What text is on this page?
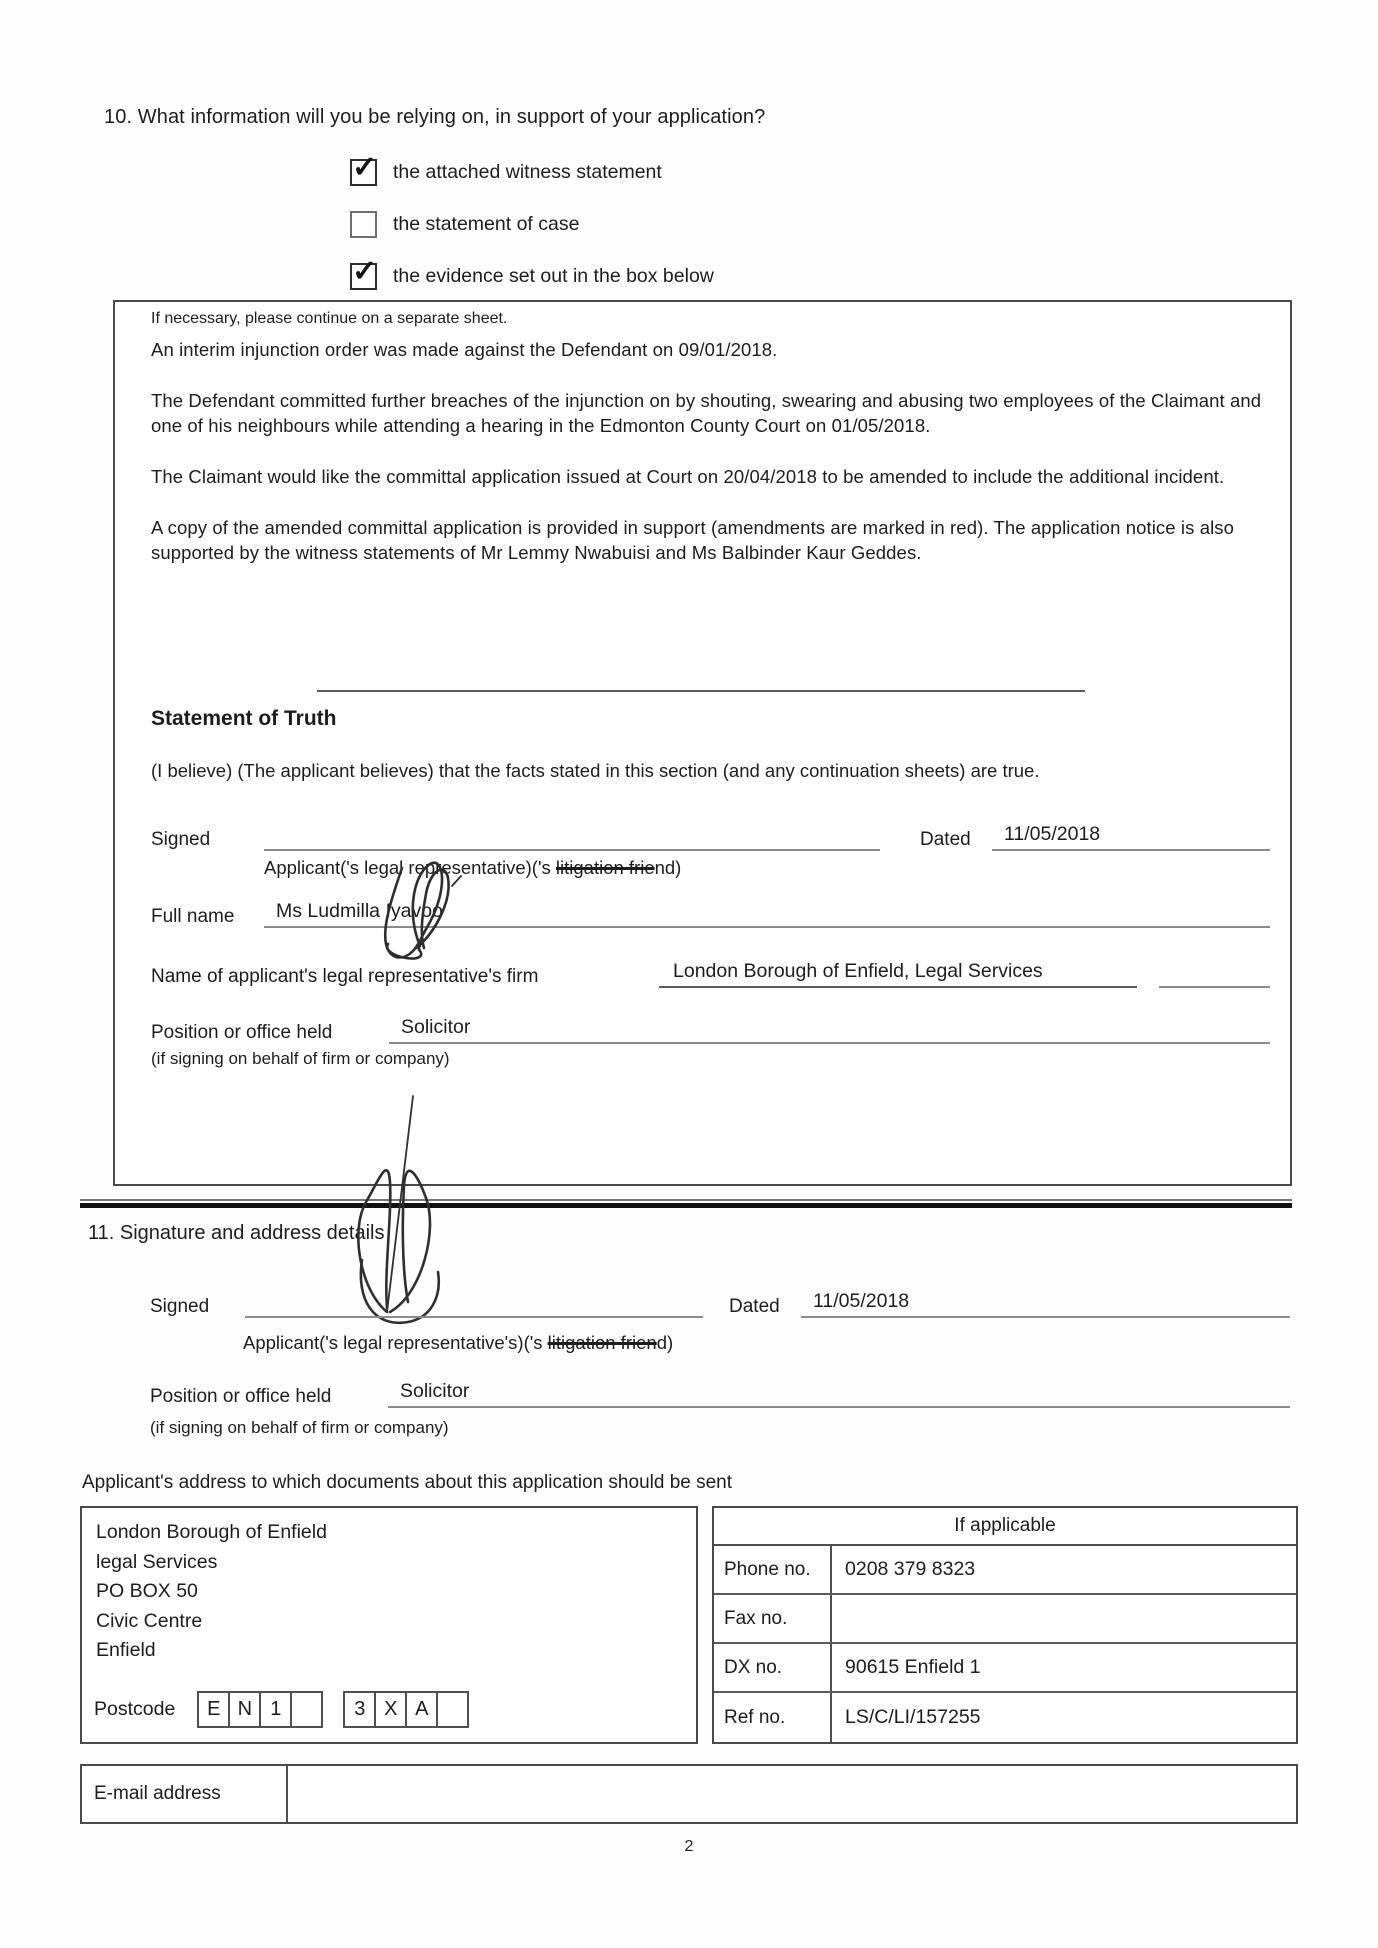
10. What information will you be relying on, in support of your application?
✓ the attached witness statement
the statement of case
✓ the evidence set out in the box below
If necessary, please continue on a separate sheet.
An interim injunction order was made against the Defendant on 09/01/2018.
The Defendant committed further breaches of the injunction on by shouting, swearing and abusing two employees of the Claimant and one of his neighbours while attending a hearing in the Edmonton County Court on 01/05/2018.
The Claimant would like the committal application issued at Court on 20/04/2018 to be amended to include the additional incident.
A copy of the amended committal application is provided in support (amendments are marked in red). The application notice is also supported by the witness statements of Mr Lemmy Nwabuisi and Ms Balbinder Kaur Geddes.
Statement of Truth
(I believe) (The applicant believes) that the facts stated in this section (and any continuation sheets) are true.
Signed	Dated	11/05/2018
Applicant('s legal representative)('s litigation friend)
Full name	Ms Ludmilla Iyavoo
Name of applicant's legal representative's firm	London Borough of Enfield, Legal Services
Position or office held	Solicitor
(if signing on behalf of firm or company)
11. Signature and address details
Signed	Dated	11/05/2018
Applicant('s legal representative's)('s litigation friend)
Position or office held	Solicitor
(if signing on behalf of firm or company)
Applicant's address to which documents about this application should be sent
London Borough of Enfield
legal Services
PO BOX 50
Civic Centre
Enfield
Postcode	E N 1	3 X A
If applicable
Phone no.	0208 379 8323
Fax no.
DX no.	90615 Enfield 1
Ref no.	LS/C/LI/157255
E-mail address
2
